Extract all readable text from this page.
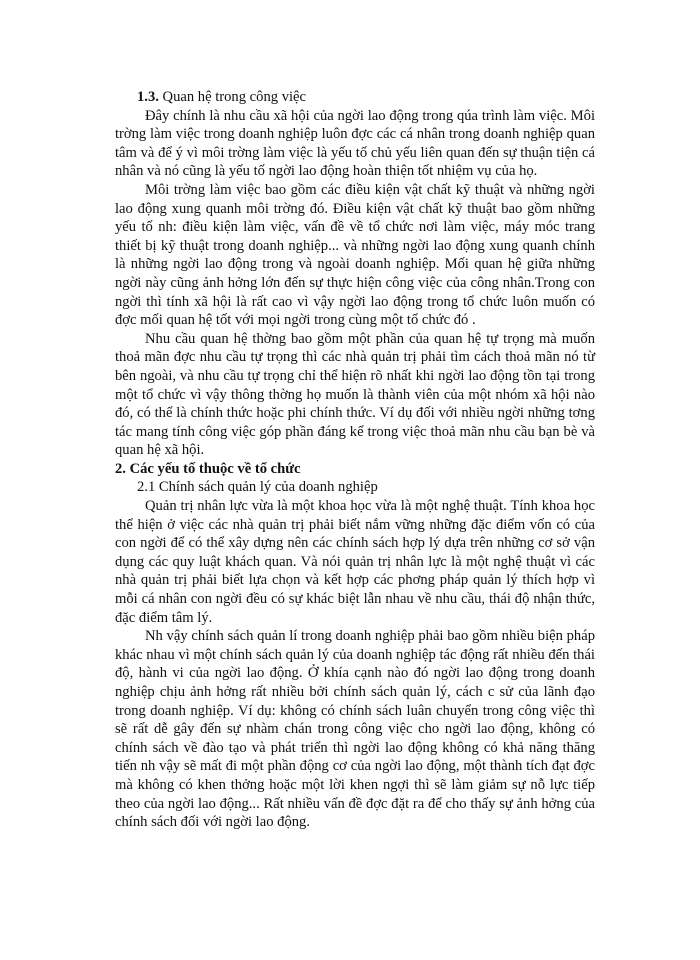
1.3. Quan hệ trong công việc

Đây chính là nhu cầu xã hội của ngời lao động trong qúa trình làm việc. Môi trờng làm việc trong doanh nghiệp luôn đợc các cá nhân trong doanh nghiệp quan tâm và để ý vì môi trờng làm việc là yếu tố chủ yếu liên quan đến sự thuận tiện cá nhân và nó cũng là yếu tố ngời lao động hoàn thiện tốt nhiệm vụ của họ.

Môi trờng làm việc bao gồm các điều kiện vật chất kỹ thuật và những ngời lao động xung quanh môi trờng đó. Điều kiện vật chất kỹ thuật bao gồm những yếu tố nh: điều kiện làm việc, vấn đề về tổ chức nơi làm việc, máy móc trang thiết bị kỹ thuật trong doanh nghiệp... và những ngời lao động xung quanh chính là những ngời lao động trong và ngoài doanh nghiệp. Mối quan hệ giữa những ngời này cũng ảnh hởng lớn đến sự thực hiện công việc của công nhân.Trong con ngời thì tính xã hội là rất cao vì vậy ngời lao động trong tổ chức luôn muốn có đợc mối quan hệ tốt với mọi ngời trong cùng một tổ chức đó .

Nhu cầu quan hệ thờng bao gồm một phần của quan hệ tự trọng mà muốn thoả mãn đợc nhu cầu tự trọng thì các nhà quản trị phải tìm cách thoả mãn nó từ bên ngoài, và nhu cầu tự trọng chỉ thể hiện rõ nhất khi ngời lao động tồn tại trong một tổ chức vì vậy thông thờng họ muốn là thành viên của một nhóm xã hội nào đó, có thể là chính thức hoặc phi chính thức. Ví dụ đối với nhiều ngời những tơng tác mang tính công việc góp phần đáng kể trong việc thoả mãn nhu cầu bạn bè và quan hệ xã hội.

2. Các yếu tố thuộc về tổ chức
2.1 Chính sách quản lý của doanh nghiệp

Quản trị nhân lực vừa là một khoa học vừa là một nghệ thuật. Tính khoa học thể hiện ở việc các nhà quản trị phải biết nắm vững những đặc điểm vốn có của con ngời để có thể xây dựng nên các chính sách hợp lý dựa trên những cơ sở vận dụng các quy luật khách quan. Và nói quản trị nhân lực là một nghệ thuật vì các nhà quản trị phải biết lựa chọn và kết hợp các phơng pháp quản lý thích hợp vì mỗi cá nhân con ngời đều có sự khác biệt lẫn nhau về nhu cầu, thái độ nhận thức, đặc điểm tâm lý.

Nh vậy chính sách quản lí trong doanh nghiệp phải bao gồm nhiều biện pháp khác nhau vì một chính sách quản lý của doanh nghiệp tác động rất nhiều đến thái độ, hành vi của ngời lao động. Ở khía cạnh nào đó ngời lao động trong doanh nghiệp chịu ảnh hởng rất nhiều bởi chính sách quản lý, cách c sử của lãnh đạo trong doanh nghiệp. Ví dụ: không có chính sách luân chuyển trong công việc thì sẽ rất dễ gây đến sự nhàm chán trong công việc cho ngời lao động, không có chính sách về đào tạo và phát triển thì ngời lao động không có khả năng thăng tiến nh vậy sẽ mất đi một phần động cơ của ngời lao động, một thành tích đạt đợc mà không có khen thởng hoặc một lời khen ngợi thì sẽ làm giảm sự nỗ lực tiếp theo của ngời lao động... Rất nhiều vấn đề đợc đặt ra để cho thấy sự ảnh hởng của chính sách đối với ngời lao động.
